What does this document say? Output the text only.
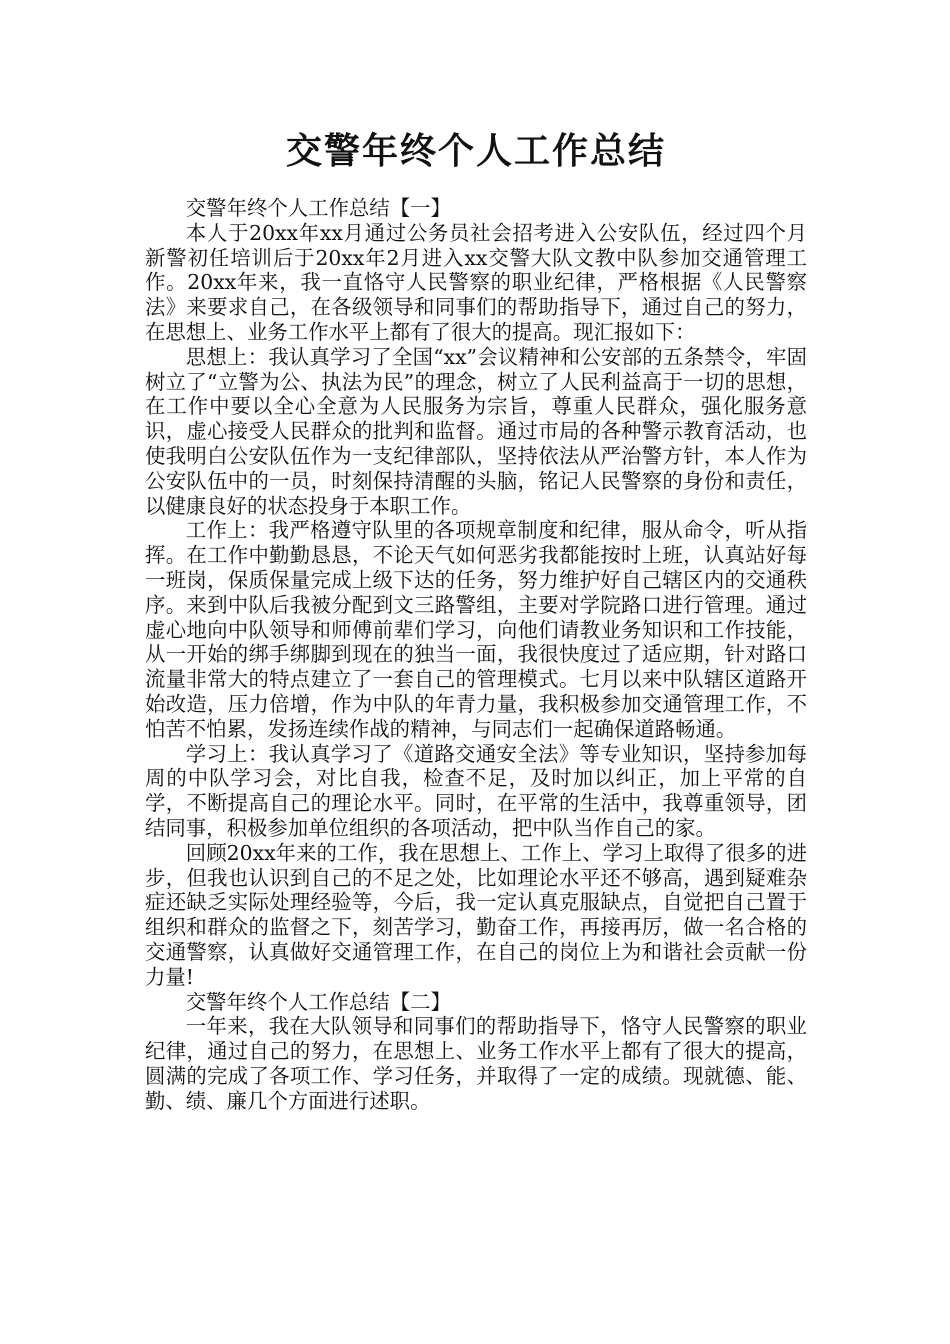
交警年终个人工作总结

交警年终个人工作总结【一】

本人于20xx年xx月通过公务员社会招考进入公安队伍，经过四个月新警初任培训后于20xx年2月进入xx交警大队文教中队参加交通管理工作。20xx年来，我一直恪守人民警察的职业纪律，严格根据《人民警察法》来要求自己，在各级领导和同事们的帮助指导下，通过自己的努力，在思想上、业务工作水平上都有了很大的提高。现汇报如下：

思想上：我认真学习了全国“xx”会议精神和公安部的五条禁令，牢固树立了“立警为公、执法为民”的理念，树立了人民利益高于一切的思想，在工作中要以全心全意为人民服务为宗旨，尊重人民群众，强化服务意识，虚心接受人民群众的批判和监督。通过市局的各种警示教育活动，也使我明白公安队伍作为一支纪律部队，坚持依法从严治警方针，本人作为公安队伍中的一员，时刻保持清醒的头脑，铭记人民警察的身份和责任，以健康良好的状态投身于本职工作。

工作上：我严格遵守队里的各项规章制度和纪律，服从命令，听从指挥。在工作中勤勤恳恳，不论天气如何恶劣我都能按时上班，认真站好每一班岗，保质保量完成上级下达的任务，努力维护好自己辖区内的交通秩序。来到中队后我被分配到文三路警组，主要对学院路口进行管理。通过虚心地向中队领导和师傅前辈们学习，向他们请教业务知识和工作技能，从一开始的绑手绑脚到现在的独当一面，我很快度过了适应期，针对路口流量非常大的特点建立了一套自己的管理模式。七月以来中队辖区道路开始改造，压力倍增，作为中队的年青力量，我积极参加交通管理工作，不怕苦不怕累，发扬连续作战的精神，与同志们一起确保道路畅通。

学习上：我认真学习了《道路交通安全法》等专业知识，坚持参加每周的中队学习会，对比自我，检查不足，及时加以纠正，加上平常的自学，不断提高自己的理论水平。同时，在平常的生活中，我尊重领导，团结同事，积极参加单位组织的各项活动，把中队当作自己的家。

回顾20xx年来的工作，我在思想上、工作上、学习上取得了很多的进步，但我也认识到自己的不足之处，比如理论水平还不够高，遇到疑难杂症还缺乏实际处理经验等，今后，我一定认真克服缺点，自觉把自己置于组织和群众的监督之下，刻苦学习，勤奋工作，再接再厉，做一名合格的交通警察，认真做好交通管理工作，在自己的岗位上为和谐社会贡献一份力量!

交警年终个人工作总结【二】

一年来，我在大队领导和同事们的帮助指导下，恪守人民警察的职业纪律，通过自己的努力，在思想上、业务工作水平上都有了很大的提高，圆满的完成了各项工作、学习任务，并取得了一定的成绩。现就德、能、勤、绩、廉几个方面进行述职。
